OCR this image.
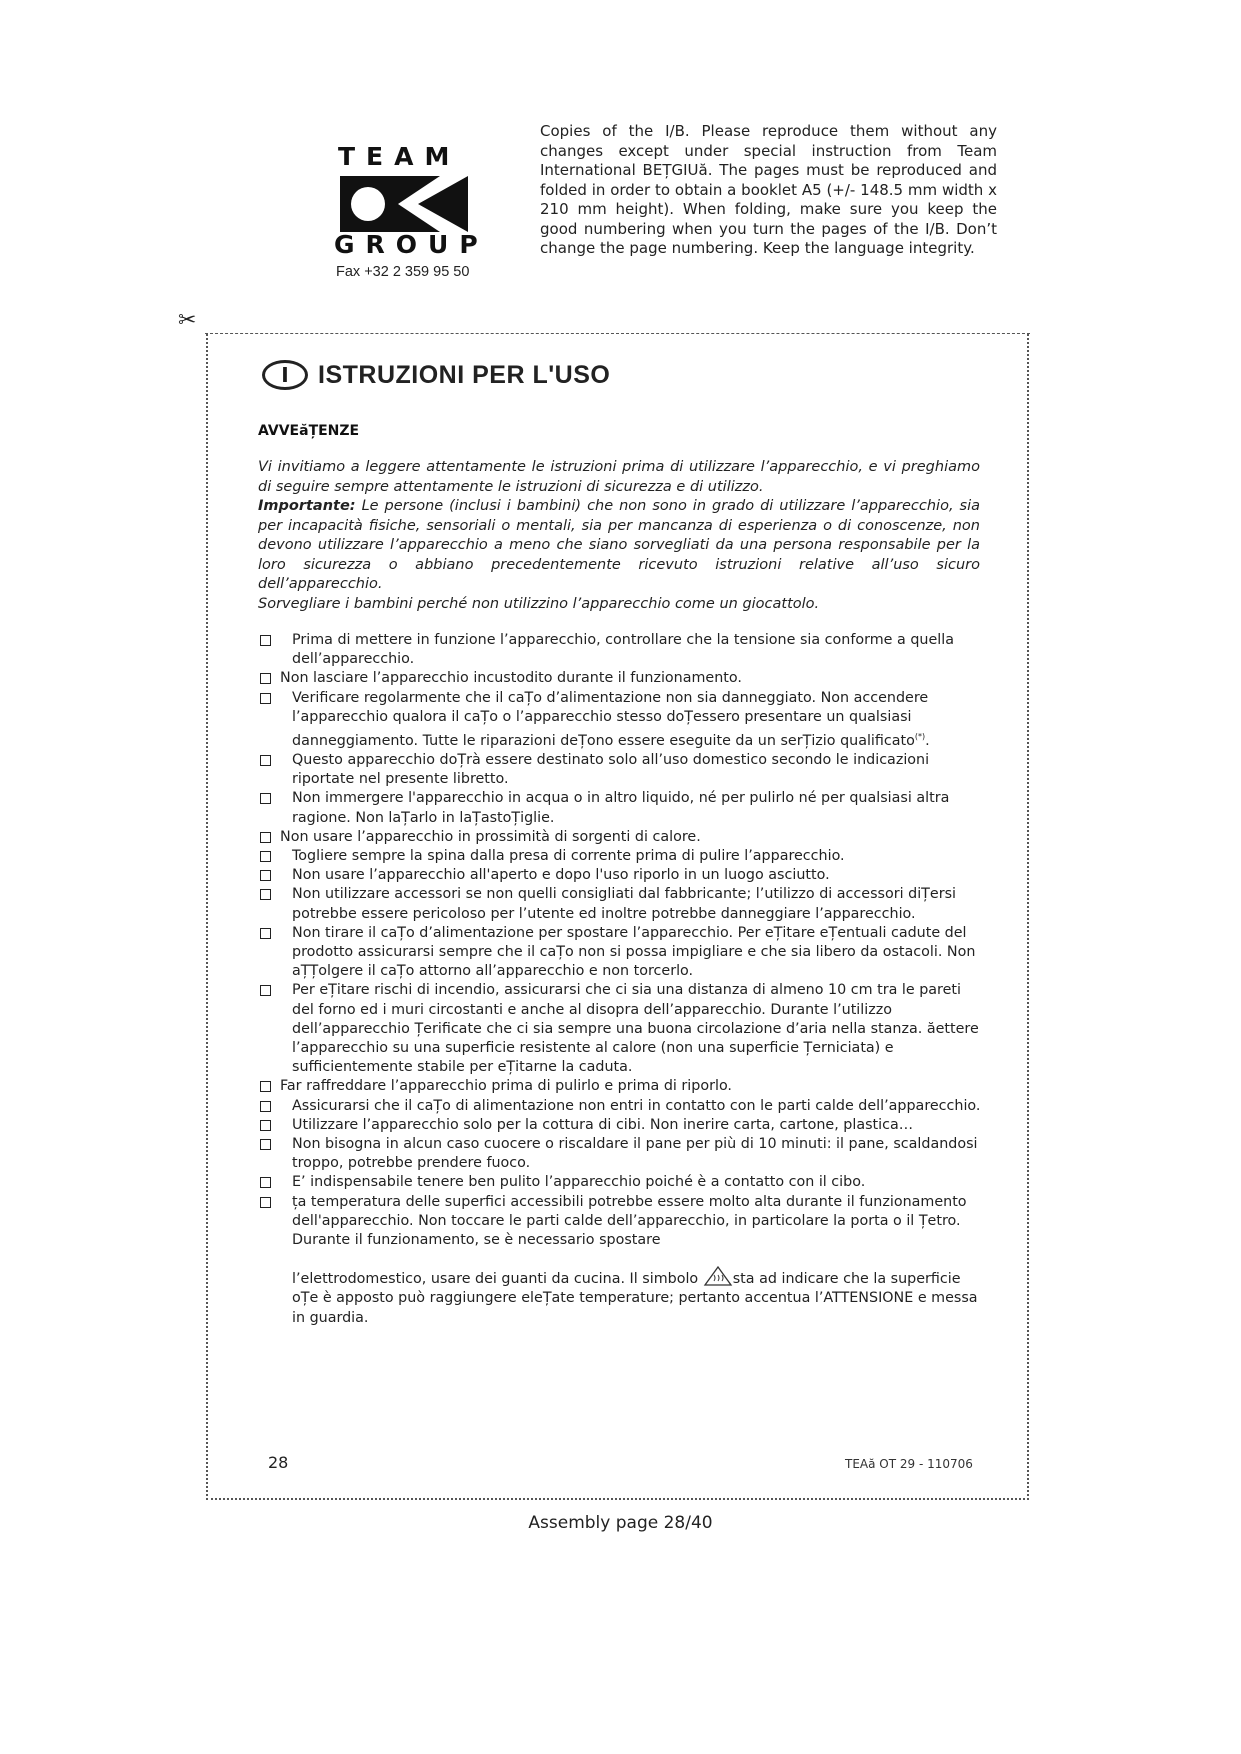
TEAM
GROUP
Fax +32 2 359 95 50
Copies of the I/B. Please reproduce them without any changes except under special instruction from Team International BEȚGIUă. The pages must be reproduced and folded in order to obtain a booklet A5 (+/- 148.5 mm width x 210 mm height). When folding, make sure you keep the good numbering when you turn the pages of the I/B. Don’t change the page numbering. Keep the language integrity.
✂
I	ISTRUZIONI PER L'USO
AVVEăȚENZE

Vi invitiamo a leggere attentamente le istruzioni prima di utilizzare l’apparecchio, e vi preghiamo di seguire sempre attentamente le istruzioni di sicurezza e di utilizzo.

Importante: Le persone (inclusi i bambini) che non sono in grado di utilizzare l’apparecchio, sia per incapacità fisiche, sensoriali o mentali, sia per mancanza di esperienza o di conoscenze, non devono utilizzare l’apparecchio a meno che siano sorvegliati da una persona responsabile per la loro sicurezza o abbiano precedentemente ricevuto istruzioni relative all’uso sicuro dell’apparecchio.

Sorvegliare i bambini perché non utilizzino l’apparecchio come un giocattolo.

Prima di mettere in funzione l’apparecchio, controllare che la tensione sia conforme a quella dell’apparecchio.
Non lasciare l’apparecchio incustodito durante il funzionamento.
Verificare regolarmente che il caȚo d’alimentazione non sia danneggiato. Non accendere l’apparecchio qualora il caȚo o l’apparecchio stesso doȚessero presentare un qualsiasi danneggiamento. Tutte le riparazioni deȚono essere eseguite da un serȚizio qualificato(*).
Questo apparecchio doȚrà essere destinato solo all’uso domestico secondo le indicazioni riportate nel presente libretto.
Non immergere l'apparecchio in acqua o in altro liquido, né per pulirlo né per qualsiasi altra ragione. Non laȚarlo in laȚastoȚiglie.
Non usare l’apparecchio in prossimità di sorgenti di calore.
Togliere sempre la spina dalla presa di corrente prima di pulire l’apparecchio.
Non usare l’apparecchio all'aperto e dopo l'uso riporlo in un luogo asciutto.
Non utilizzare accessori se non quelli consigliati dal fabbricante; l’utilizzo di accessori diȚersi potrebbe essere pericoloso per l’utente ed inoltre potrebbe danneggiare l’apparecchio.
Non tirare il caȚo d’alimentazione per spostare l’apparecchio. Per eȚitare eȚentuali cadute del prodotto assicurarsi sempre che il caȚo non si possa impigliare e che sia libero da ostacoli. Non aȚȚolgere il caȚo attorno all’apparecchio e non torcerlo.
Per eȚitare rischi di incendio, assicurarsi che ci sia una distanza di almeno 10 cm tra le pareti del forno ed i muri circostanti e anche al disopra dell’apparecchio. Durante l’utilizzo dell’apparecchio Țerificate che ci sia sempre una buona circolazione d’aria nella stanza. ăettere l’apparecchio su una superficie resistente al calore (non una superficie Țerniciata) e sufficientemente stabile per eȚitarne la caduta.
Far raffreddare l’apparecchio prima di pulirlo e prima di riporlo.
Assicurarsi che il caȚo di alimentazione non entri in contatto con le parti calde dell’apparecchio.
Utilizzare l’apparecchio solo per la cottura di cibi. Non inerire carta, cartone, plastica…
Non bisogna in alcun caso cuocere o riscaldare il pane per più di 10 minuti: il pane, scaldandosi troppo, potrebbe prendere fuoco.
E’ indispensabile tenere ben pulito l’apparecchio poiché è a contatto con il cibo.
ța temperatura delle superfici accessibili potrebbe essere molto alta durante il funzionamento dell'apparecchio. Non toccare le parti calde dell’apparecchio, in particolare la porta o il Țetro. Durante il funzionamento, se è necessario spostare
l’elettrodomestico, usare dei guanti da cucina. Il simbolo sta ad indicare che la superficie oȚe è apposto può raggiungere eleȚate temperature; pertanto accentua l’ATTENSIONE e messa in guardia.
28	TEAă OT 29 - 110706
Assembly page 28/40
